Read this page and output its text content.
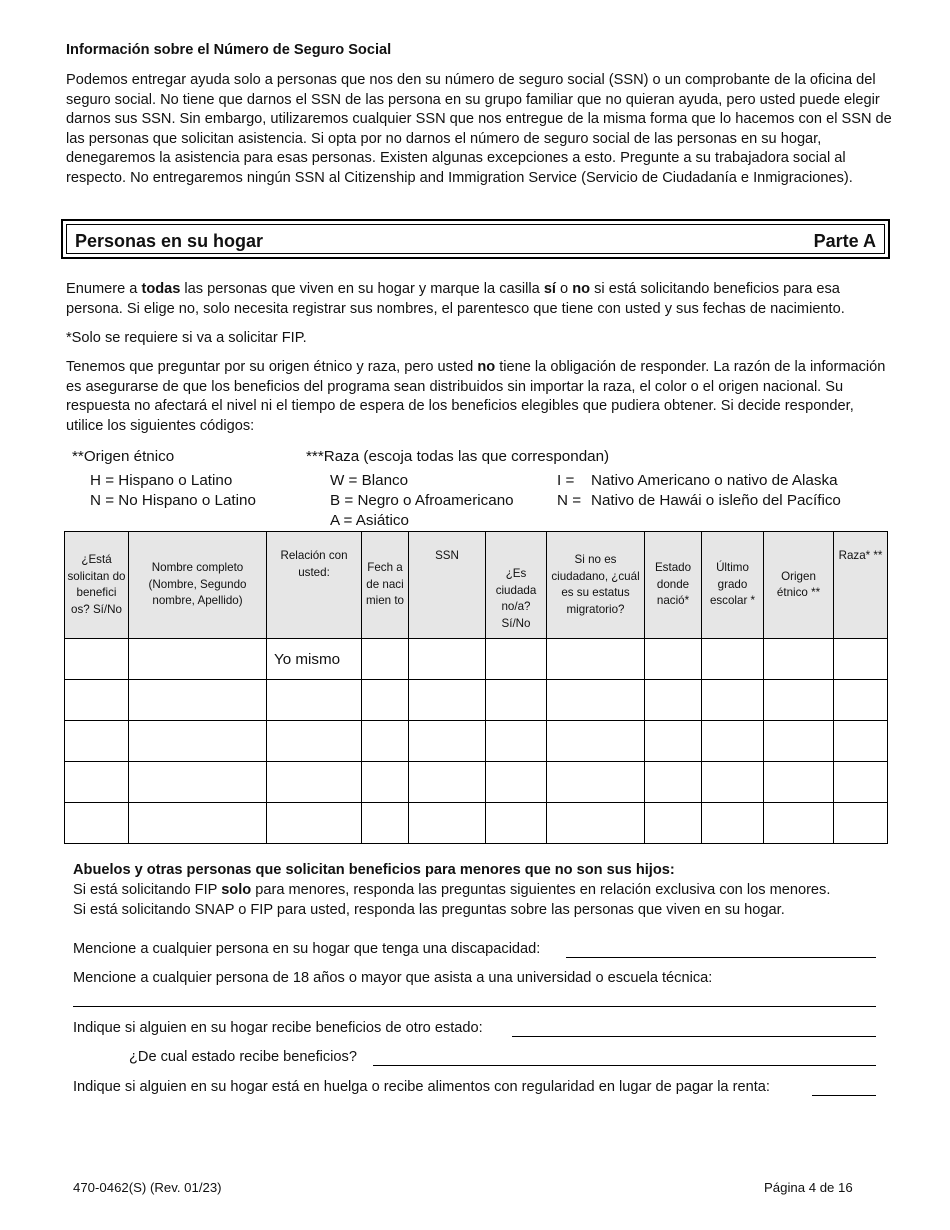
Información sobre el Número de Seguro Social
Podemos entregar ayuda solo a personas que nos den su número de seguro social (SSN) o un comprobante de la oficina del seguro social. No tiene que darnos el SSN de las persona en su grupo familiar que no quieran ayuda, pero usted puede elegir darnos sus SSN. Sin embargo, utilizaremos cualquier SSN que nos entregue de la misma forma que lo hacemos con el SSN de las personas que solicitan asistencia. Si opta por no darnos el número de seguro social de las personas en su hogar, denegaremos la asistencia para esas personas. Existen algunas excepciones a esto. Pregunte a su trabajadora social al respecto. No entregaremos ningún SSN al Citizenship and Immigration Service (Servicio de Ciudadanía e Inmigraciones).
Personas en su hogar	Parte A
Enumere a todas las personas que viven en su hogar y marque la casilla sí o no si está solicitando beneficios para esa persona. Si elige no, solo necesita registrar sus nombres, el parentesco que tiene con usted y sus fechas de nacimiento.
*Solo se requiere si va a solicitar FIP.
Tenemos que preguntar por su origen étnico y raza, pero usted no tiene la obligación de responder. La razón de la información es asegurarse de que los beneficios del programa sean distribuidos sin importar la raza, el color o el origen nacional. Su respuesta no afectará el nivel ni el tiempo de espera de los beneficios elegibles que pudiera obtener. Si decide responder, utilice los siguientes códigos:
**Origen étnico	***Raza (escoja todas las que correspondan)
H = Hispano o Latino
N = No Hispano o Latino
W = Blanco
B = Negro o Afroamericano
A = Asiático
I = Nativo Americano o nativo de Alaska
N = Nativo de Hawái o isleño del Pacífico
¿Está solicitan do benefici os? Sí/No	Nombre completo (Nombre, Segundo nombre, Apellido)	Relación con usted:	Fech a de naci mien to	SSN	¿Es ciudada no/a? Sí/No	Si no es ciudadano, ¿cuál es su estatus migratorio?	Estado donde nació*	Último grado escolar *	Origen étnico **	Raza* **
		Yo mismo								

Abuelos y otras personas que solicitan beneficios para menores que no son sus hijos:
Si está solicitando FIP solo para menores, responda las preguntas siguientes en relación exclusiva con los menores.
Si está solicitando SNAP o FIP para usted, responda las preguntas sobre las personas que viven en su hogar.
Mencione a cualquier persona en su hogar que tenga una discapacidad:
Mencione a cualquier persona de 18 años o mayor que asista a una universidad o escuela técnica:
Indique si alguien en su hogar recibe beneficios de otro estado:
¿De cual estado recibe beneficios?
Indique si alguien en su hogar está en huelga o recibe alimentos con regularidad en lugar de pagar la renta:
470-0462(S) (Rev. 01/23)	Página 4 de 16
